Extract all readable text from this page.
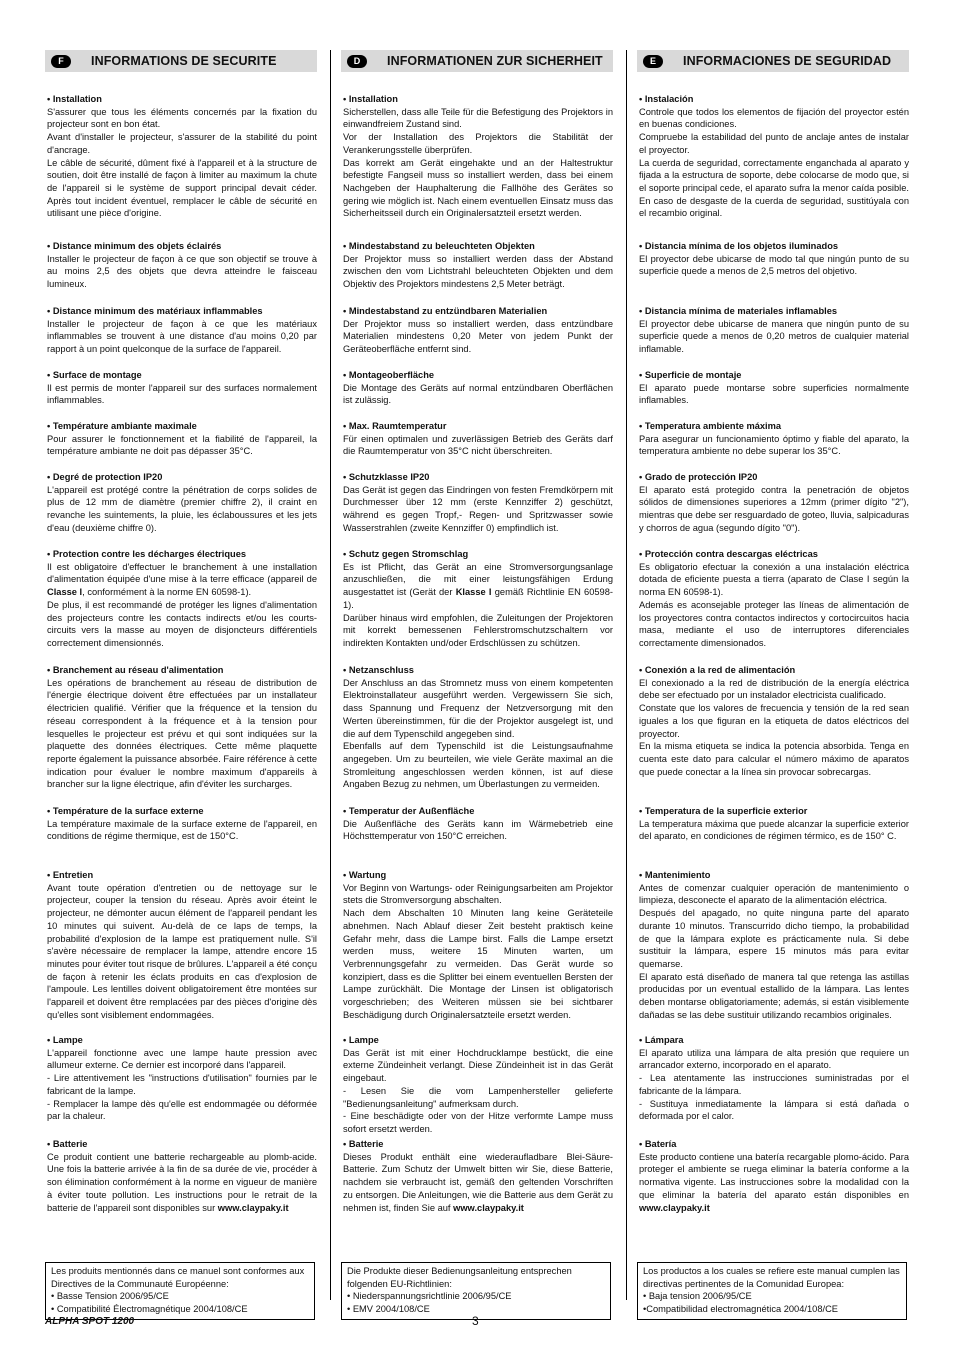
F	INFORMATIONS DE SECURITE
• Installation
S'assurer que tous les éléments concernés par la fixation du projecteur sont en bon état.
Avant d'installer le projecteur, s'assurer de la stabilité du point d'ancrage.
Le câble de sécurité, dûment fixé à l'appareil et à la structure de soutien, doit être installé de façon à limiter au maximum la chute de l'appareil si le système de support principal devait céder. Après tout incident éventuel, remplacer le câble de sécurité en utilisant une pièce d'origine.
• Distance minimum des objets éclairés
Installer le projecteur de façon à ce que son objectif se trouve à au moins 2,5 des objets que devra atteindre le faisceau lumineux.
• Distance minimum des matériaux inflammables
Installer le projecteur de façon à ce que les matériaux inflammables se trouvent à une distance d'au moins 0,20 par rapport à un point quelconque de la surface de l'appareil.
• Surface de montage
Il est permis de monter l'appareil sur des surfaces normalement inflammables.
• Température ambiante maximale
Pour assurer le fonctionnement et la fiabilité de l'appareil, la température ambiante ne doit pas dépasser 35°C.
• Degré de protection IP20
L'appareil est protégé contre la pénétration de corps solides de plus de 12 mm de diamètre (premier chiffre 2), il craint en revanche les suintements, la pluie, les éclaboussures et les jets d'eau (deuxième chiffre 0).
• Protection contre les décharges électriques
Il est obligatoire d'effectuer le branchement à une installation d'alimentation équipée d'une mise à la terre efficace (appareil de Classe I, conformément à la norme EN 60598-1).
De plus, il est recommandé de protéger les lignes d'alimentation des projecteurs contre les contacts indirects et/ou les courts-circuits vers la masse au moyen de disjoncteurs différentiels correctement dimensionnés.
• Branchement au réseau d'alimentation
Les opérations de branchement au réseau de distribution de l'énergie électrique doivent être effectuées par un installateur électricien qualifié. Vérifier que la fréquence et la tension du réseau correspondent à la fréquence et à la tension pour lesquelles le projecteur est prévu et qui sont indiquées sur la plaquette des données électriques. Cette même plaquette reporte également la puissance absorbée. Faire référence à cette indication pour évaluer le nombre maximum d'appareils à brancher sur la ligne électrique, afin d'éviter les surcharges.
• Température de la surface externe
La température maximale de la surface externe de l'appareil, en conditions de régime thermique, est de 150°C.
• Entretien
Avant toute opération d'entretien ou de nettoyage sur le projecteur, couper la tension du réseau. Après avoir éteint le projecteur, ne démonter aucun élément de l'appareil pendant les 10 minutes qui suivent. Au-delà de ce laps de temps, la probabilité d'explosion de la lampe est pratiquement nulle. S'il s'avère nécessaire de remplacer la lampe, attendre encore 15 minutes pour éviter tout risque de brûlures. L'appareil a été conçu de façon à retenir les éclats produits en cas d'explosion de l'ampoule. Les lentilles doivent obligatoirement être montées sur l'appareil et doivent être remplacées par des pièces d'origine dès qu'elles sont visiblement endommagées.
• Lampe
L'appareil fonctionne avec une lampe haute pression avec allumeur externe. Ce dernier est incorporé dans l'appareil.
- Lire attentivement les "instructions d'utilisation" fournies par le fabricant de la lampe.
- Remplacer la lampe dès qu'elle est endommagée ou déformée par la chaleur.
• Batterie
Ce produit contient une batterie rechargeable au plomb-acide. Une fois la batterie arrivée à la fin de sa durée de vie, procéder à son élimination conformément à la norme en vigueur de manière à éviter toute pollution. Les instructions pour le retrait de la batterie de l'appareil sont disponibles sur www.claypaky.it

Les produits mentionnés dans ce manuel sont conformes aux Directives de la Communauté Européenne:

• Basse Tension 2006/95/CE

• Compatibilité Électromagnétique 2004/108/CE

D	INFORMATIONEN ZUR SICHERHEIT
• Installation
Sicherstellen, dass alle Teile für die Befestigung des Projektors in einwandfreiem Zustand sind.
Vor der Installation des Projektors die Stabilität der Verankerungsstelle überprüfen.
Das korrekt am Gerät eingehakte und an der Haltestruktur befestigte Fangseil muss so installiert werden, dass bei einem Nachgeben der Hauphalterung die Fallhöhe des Gerätes so gering wie möglich ist. Nach einem eventuellen Einsatz muss das Sicherheitsseil durch ein Originalersatzteil ersetzt werden.
• Mindestabstand zu beleuchteten Objekten
Der Projektor muss so installiert werden dass der Abstand zwischen den vom Lichtstrahl beleuchteten Objekten und dem Objektiv des Projektors mindestens 2,5 Meter beträgt.
• Mindestabstand zu entzündbaren Materialien
Der Projektor muss so installiert werden, dass entzündbare Materialien mindestens 0,20 Meter von jedem Punkt der Geräteoberfläche entfernt sind.
• Montageoberfläche
Die Montage des Geräts auf normal entzündbaren Oberflächen ist zulässig.
• Max. Raumtemperatur
Für einen optimalen und zuverlässigen Betrieb des Geräts darf die Raumtemperatur von 35°C nicht überschreiten.
• Schutzklasse IP20
Das Gerät ist gegen das Eindringen von festen Fremdkörpern mit Durchmesser über 12 mm (erste Kennziffer 2) geschützt, während es gegen Tropf,- Regen- und Spritzwasser sowie Wasserstrahlen (zweite Kennziffer 0) empfindlich ist.
• Schutz gegen Stromschlag
Es ist Pflicht, das Gerät an eine Stromversorgungsanlage anzuschließen, die mit einer leistungsfähigen Erdung ausgestattet ist (Gerät der Klasse I gemäß Richtlinie EN 60598-1).
Darüber hinaus wird empfohlen, die Zuleitungen der Projektoren mit korrekt bemessenen Fehlerstromschutzschaltern vor indirekten Kontakten und/oder Erdschlüssen zu schützen.
• Netzanschluss
Der Anschluss an das Stromnetz muss von einem kompetenten Elektroinstallateur ausgeführt werden. Vergewissern Sie sich, dass Spannung und Frequenz der Netzversorgung mit den Werten übereinstimmen, für die der Projektor ausgelegt ist, und die auf dem Typenschild angegeben sind.
Ebenfalls auf dem Typenschild ist die Leistungsaufnahme angegeben. Um zu beurteilen, wie viele Geräte maximal an die Stromleitung angeschlossen werden können, ist auf diese Angaben Bezug zu nehmen, um Überlastungen zu vermeiden.
• Temperatur der Außenfläche
Die Außenfläche des Geräts kann im Wärmebetrieb eine Höchsttemperatur von 150°C erreichen.
• Wartung
Vor Beginn von Wartungs- oder Reinigungsarbeiten am Projektor stets die Stromversorgung abschalten.
Nach dem Abschalten 10 Minuten lang keine Geräteteile abnehmen. Nach Ablauf dieser Zeit besteht praktisch keine Gefahr mehr, dass die Lampe birst. Falls die Lampe ersetzt werden muss, weitere 15 Minuten warten, um Verbrennungsgefahr zu vermeiden. Das Gerät wurde so konzipiert, dass es die Splitter bei einem eventuellen Bersten der Lampe zurückhält. Die Montage der Linsen ist obligatorisch vorgeschrieben; des Weiteren müssen sie bei sichtbarer Beschädigung durch Originalersatzteile ersetzt werden.
• Lampe
Das Gerät ist mit einer Hochdrucklampe bestückt, die eine externe Zündeinheit verlangt. Diese Zündeinheit ist in das Gerät eingebaut.
- Lesen Sie die vom Lampenhersteller gelieferte "Bedienungsanleitung" aufmerksam durch.
- Eine beschädigte oder von der Hitze verformte Lampe muss sofort ersetzt werden.
• Batterie
Dieses Produkt enthält eine wiederaufladbare Blei-Säure-Batterie. Zum Schutz der Umwelt bitten wir Sie, diese Batterie, nachdem sie verbraucht ist, gemäß den geltenden Vorschriften zu entsorgen. Die Anleitungen, wie die Batterie aus dem Gerät zu nehmen ist, finden Sie auf www.claypaky.it

Die Produkte dieser Bedienungsanleitung entsprechen folgenden EU-Richtlinien:

• Niederspannungsrichtlinie 2006/95/CE

• EMV 2004/108/CE

E	INFORMACIONES DE SEGURIDAD
• Instalación
Controle que todos los elementos de fijación del proyector estén en buenas condiciones.
Compruebe la estabilidad del punto de anclaje antes de instalar el proyector.
La cuerda de seguridad, correctamente enganchada al aparato y fijada a la estructura de soporte, debe colocarse de modo que, si el soporte principal cede, el aparato sufra la menor caída posible. En caso de desgaste de la cuerda de seguridad, sustitúyala con el recambio original.
• Distancia mínima de los objetos iluminados
El proyector debe ubicarse de modo tal que ningún punto de su superficie quede a menos de 2,5 metros del objetivo.
• Distancia mínima de materiales inflamables
El proyector debe ubicarse de manera que ningún punto de su superficie quede a menos de 0,20 metros de cualquier material inflamable.
• Superficie de montaje
El aparato puede montarse sobre superficies normalmente inflamables.
• Temperatura ambiente máxima
Para asegurar un funcionamiento óptimo y fiable del aparato, la temperatura ambiente no debe superar los 35°C.
• Grado de protección IP20
El aparato está protegido contra la penetración de objetos sólidos de dimensiones superiores a 12mm (primer dígito "2"), mientras que debe ser resguardado de goteo, lluvia, salpicaduras y chorros de agua (segundo dígito "0").
• Protección contra descargas eléctricas
Es obligatorio efectuar la conexión a una instalación eléctrica dotada de eficiente puesta a tierra (aparato de Clase I según la norma EN 60598-1).
Además es aconsejable proteger las líneas de alimentación de los proyectores contra contactos indirectos y cortocircuitos hacia masa, mediante el uso de interruptores diferenciales correctamente dimensionados.
• Conexión a la red de alimentación
El conexionado a la red de distribución de la energía eléctrica debe ser efectuado por un instalador electricista cualificado.
Constate que los valores de frecuencia y tensión de la red sean iguales a los que figuran en la etiqueta de datos eléctricos del proyector.
En la misma etiqueta se indica la potencia absorbida. Tenga en cuenta este dato para calcular el número máximo de aparatos que puede conectar a la línea sin provocar sobrecargas.
• Temperatura de la superficie exterior
La temperatura máxima que puede alcanzar la superficie exterior del aparato, en condiciones de régimen térmico, es de 150° C.
• Mantenimiento
Antes de comenzar cualquier operación de mantenimiento o limpieza, desconecte el aparato de la alimentación eléctrica.
Después del apagado, no quite ninguna parte del aparato durante 10 minutos. Transcurrido dicho tiempo, la probabilidad de que la lámpara explote es prácticamente nula. Si debe sustituir la lámpara, espere 15 minutos más para evitar quemarse.
El aparato está diseñado de manera tal que retenga las astillas producidas por un eventual estallido de la lámpara. Las lentes deben montarse obligatoriamente; además, si están visiblemente dañadas se las debe sustituir utilizando recambios originales.
• Lámpara
El aparato utiliza una lámpara de alta presión que requiere un arrancador externo, incorporado en el aparato.
- Lea atentamente las instrucciones suministradas por el fabricante de la lámpara.
- Sustituya inmediatamente la lámpara si está dañada o deformada por el calor.
• Batería
Este producto contiene una batería recargable plomo-ácido. Para proteger el ambiente se ruega eliminar la batería conforme a la normativa vigente. Las instrucciones sobre la modalidad con la que eliminar la batería del aparato están disponibles en www.claypaky.it

Los productos a los cuales se refiere este manual cumplen las directivas pertinentes de la Comunidad Europea:

• Baja tension 2006/95/CE

•Compatibilidad electromagnética 2004/108/CE

ALPHA SPOT 1200	3
